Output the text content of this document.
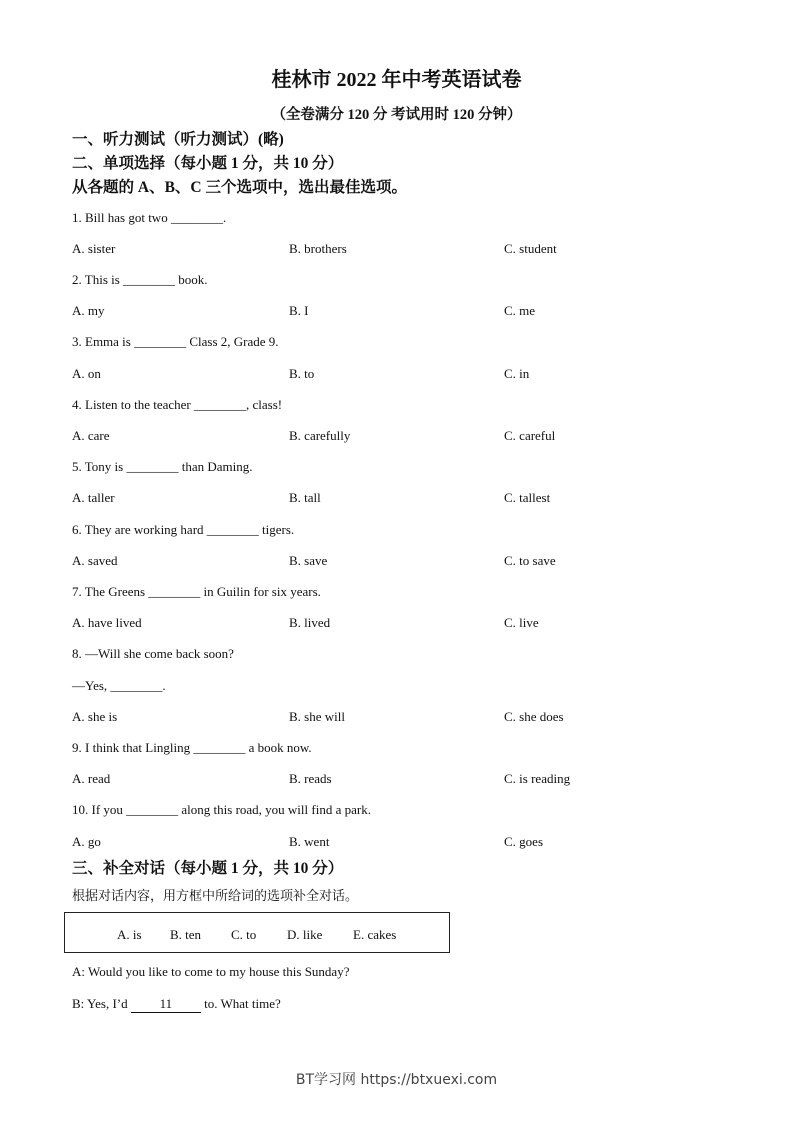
桂林市 2022 年中考英语试卷
（全卷满分 120 分 考试用时 120 分钟）
一、听力测试（听力测试）(略)
二、单项选择（每小题 1 分，共 10 分）
从各题的 A、B、C 三个选项中，选出最佳选项。
1. Bill has got two ________.
A. sister	B. brothers	C. student
2. This is ________ book.
A. my	B. I	C. me
3. Emma is ________ Class 2, Grade 9.
A. on	B. to	C. in
4. Listen to the teacher ________, class!
A. care	B. carefully	C. careful
5. Tony is ________ than Daming.
A. taller	B. tall	C. tallest
6. They are working hard ________ tigers.
A. saved	B. save	C. to save
7. The Greens ________ in Guilin for six years.
A. have lived	B. lived	C. live
8. —Will she come back soon?
—Yes, ________.
A. she is	B. she will	C. she does
9. I think that Lingling ________ a book now.
A. read	B. reads	C. is reading
10. If you ________ along this road, you will find a park.
A. go	B. went	C. goes
三、补全对话（每小题 1 分，共 10 分）
根据对话内容，用方框中所给词的选项补全对话。
A. is B. ten C. to D. like E. cakes
A: Would you like to come to my house this Sunday?
B: Yes, I’d 11 to. What time?
BT学习网 https://btxuexi.com
